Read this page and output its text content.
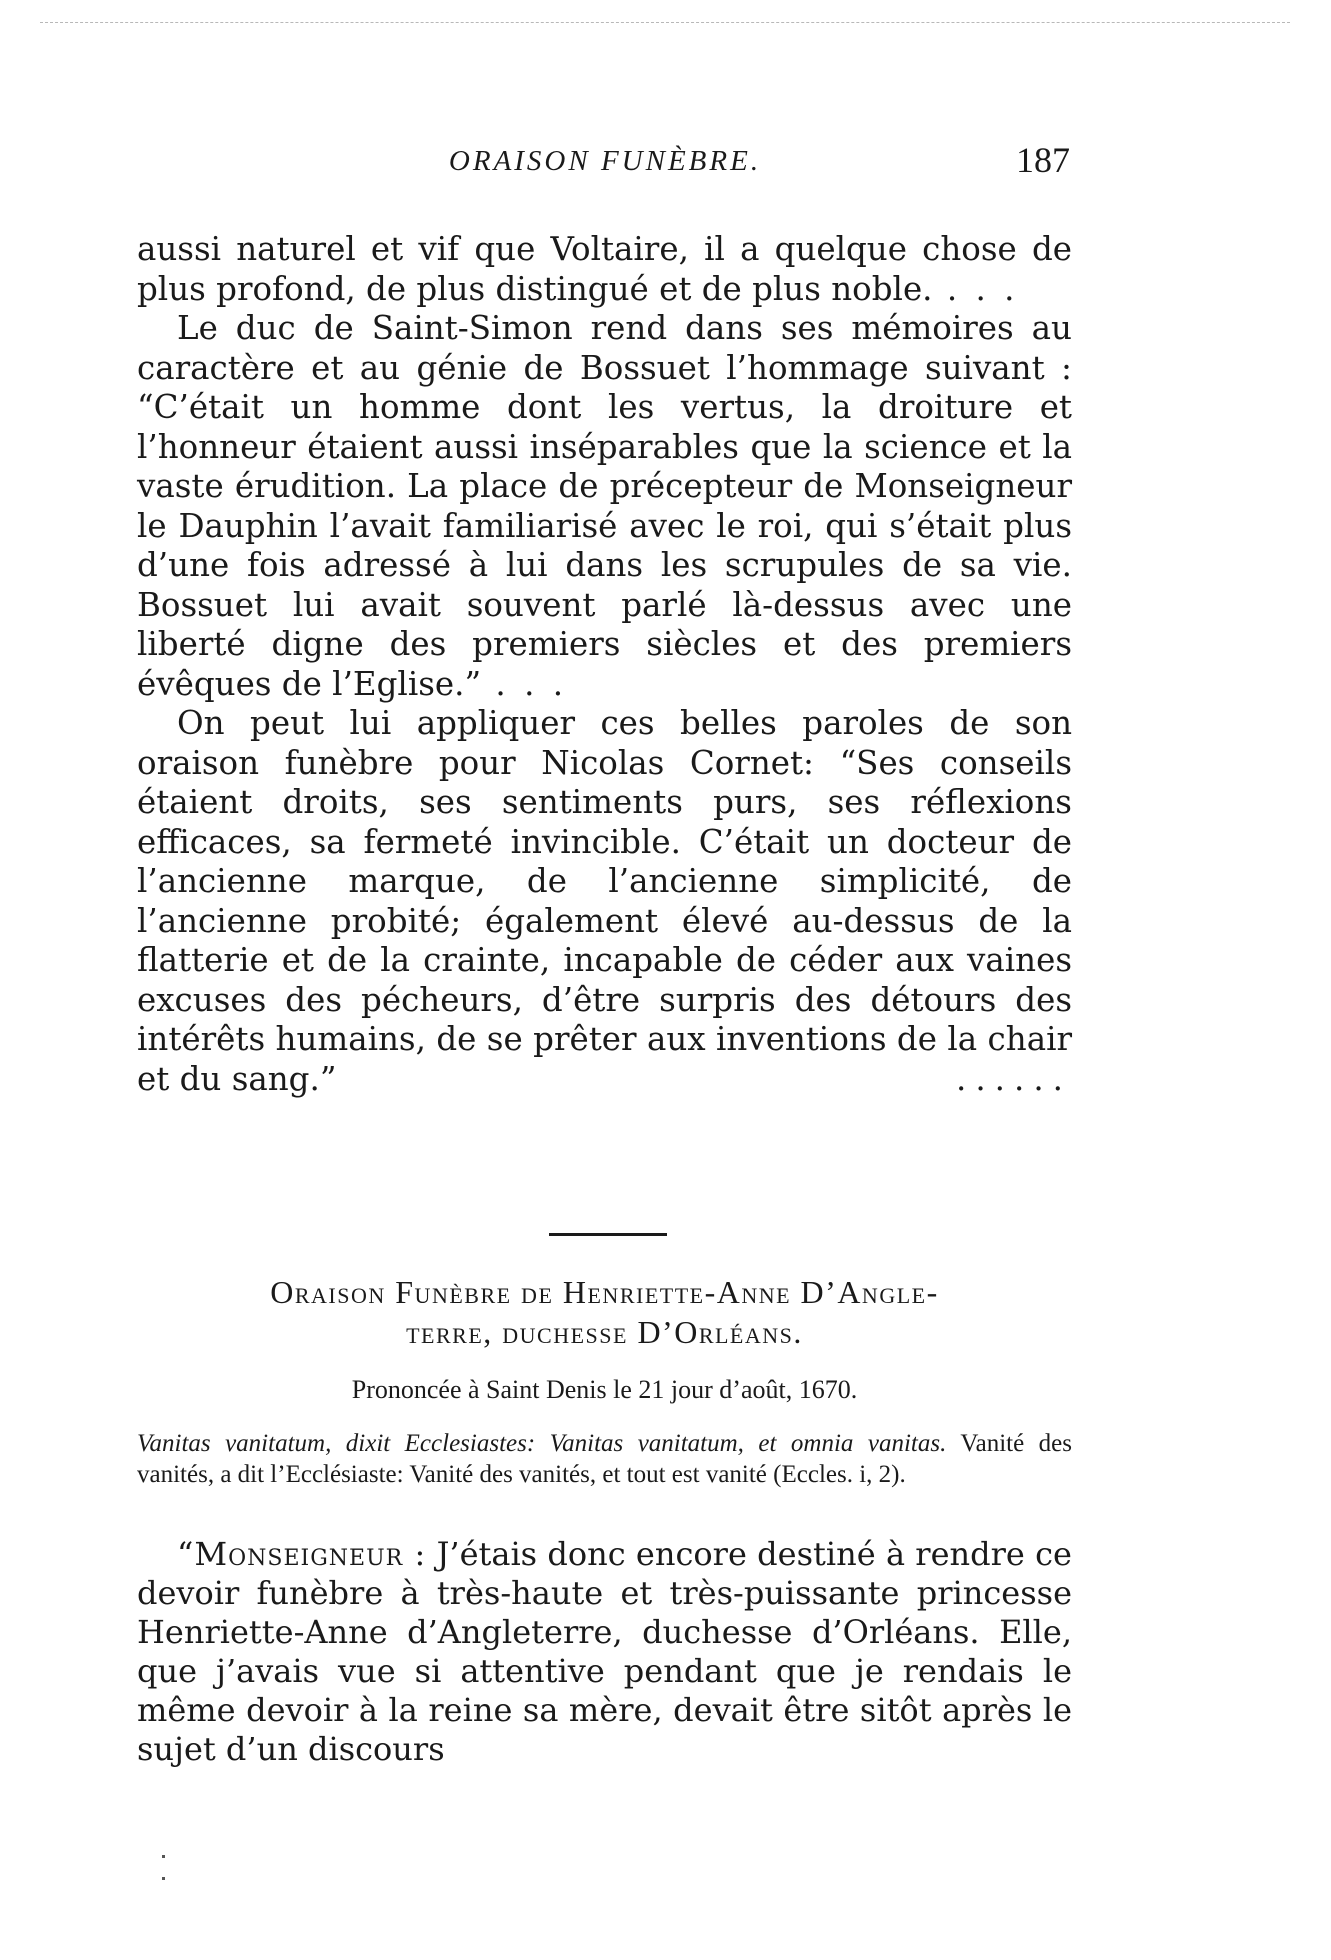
ORAISON FUNÈBRE.	187

aussi naturel et vif que Voltaire, il a quelque chose de plus profond, de plus distingué et de plus noble. . . .

Le duc de Saint-Simon rend dans ses mémoires au caractère et au génie de Bossuet l’hommage suivant : “C’était un homme dont les vertus, la droiture et l’honneur étaient aussi inséparables que la science et la vaste érudition. La place de précepteur de Monseigneur le Dauphin l’avait familiarisé avec le roi, qui s’était plus d’une fois adressé à lui dans les scrupules de sa vie. Bossuet lui avait souvent parlé là-dessus avec une liberté digne des premiers siècles et des premiers évêques de l’Eglise.” . . .

On peut lui appliquer ces belles paroles de son oraison funèbre pour Nicolas Cornet: “Ses conseils étaient droits, ses sentiments purs, ses réflexions efficaces, sa fermeté invincible. C’était un docteur de l’ancienne marque, de l’ancienne simplicité, de l’ancienne probité; également élevé au-dessus de la flatterie et de la crainte, incapable de céder aux vaines excuses des pécheurs, d’être surpris des détours des intérêts humains, de se prêter aux inventions de la chair et du sang.”	......

Oraison Funèbre de Henriette-Anne D’Angle-
terre, duchesse D’Orléans.
Prononcée à Saint Denis le 21 jour d’août, 1670.
Vanitas vanitatum, dixit Ecclesiastes: Vanitas vanitatum, et omnia vanitas. Vanité des vanités, a dit l’Ecclésiaste: Vanité des vanités, et tout est vanité (Eccles. i, 2).
“Monseigneur : J’étais donc encore destiné à rendre ce devoir funèbre à très-haute et très-puissante princesse Henriette-Anne d’Angleterre, duchesse d’Orléans. Elle, que j’avais vue si attentive pendant que je rendais le même devoir à la reine sa mère, devait être sitôt après le sujet d’un discours
